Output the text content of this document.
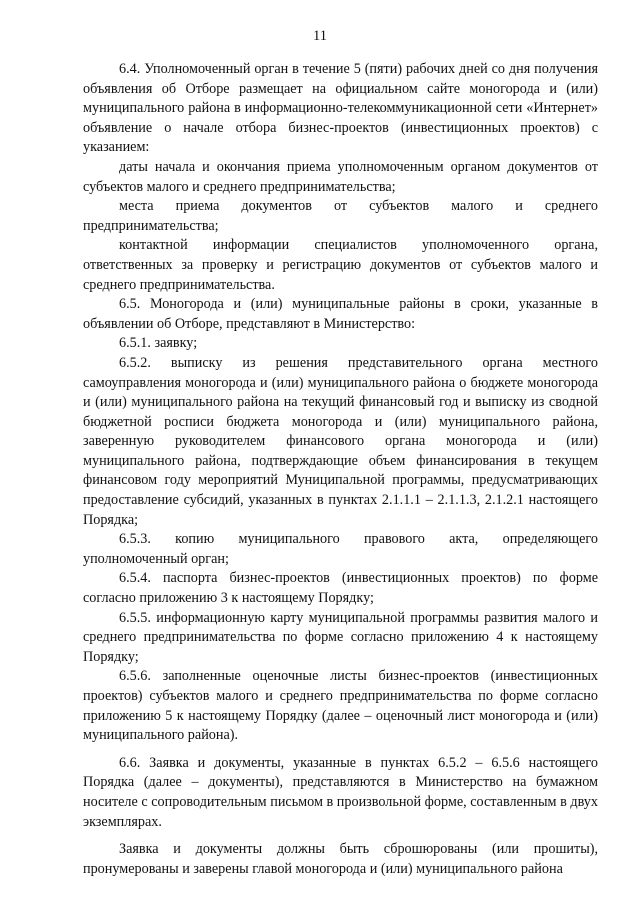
11

6.4. Уполномоченный орган в течение 5 (пяти) рабочих дней со дня получения объявления об Отборе размещает на официальном сайте моногорода и (или) муниципального района в информационно-телекоммуникационной сети «Интернет» объявление о начале отбора бизнес-проектов (инвестиционных проектов) с указанием:

даты начала и окончания приема уполномоченным органом документов от субъектов малого и среднего предпринимательства;

места приема документов от субъектов малого и среднего предпринимательства;

контактной информации специалистов уполномоченного органа, ответственных за проверку и регистрацию документов от субъектов малого и среднего предпринимательства.

6.5. Моногорода и (или) муниципальные районы в сроки, указанные в объявлении об Отборе, представляют в Министерство:

6.5.1. заявку;

6.5.2. выписку из решения представительного органа местного самоуправления моногорода и (или) муниципального района о бюджете моногорода и (или) муниципального района на текущий финансовый год и выписку из сводной бюджетной росписи бюджета моногорода и (или) муниципального района, заверенную руководителем финансового органа моногорода и (или) муниципального района, подтверждающие объем финансирования в текущем финансовом году мероприятий Муниципальной программы, предусматривающих предоставление субсидий, указанных в пунктах 2.1.1.1 – 2.1.1.3, 2.1.2.1 настоящего Порядка;

6.5.3. копию муниципального правового акта, определяющего уполномоченный орган;

6.5.4. паспорта бизнес-проектов (инвестиционных проектов) по форме согласно приложению 3 к настоящему Порядку;

6.5.5. информационную карту муниципальной программы развития малого и среднего предпринимательства по форме согласно приложению 4 к настоящему Порядку;

6.5.6. заполненные оценочные листы бизнес-проектов (инвестиционных проектов) субъектов малого и среднего предпринимательства по форме согласно приложению 5 к настоящему Порядку (далее – оценочный лист моногорода и (или) муниципального района).

6.6. Заявка и документы, указанные в пунктах 6.5.2 – 6.5.6 настоящего Порядка (далее – документы), представляются в Министерство на бумажном носителе с сопроводительным письмом в произвольной форме, составленным в двух экземплярах.

Заявка и документы должны быть сброшюрованы (или прошиты), пронумерованы и заверены главой моногорода и (или) муниципального района
